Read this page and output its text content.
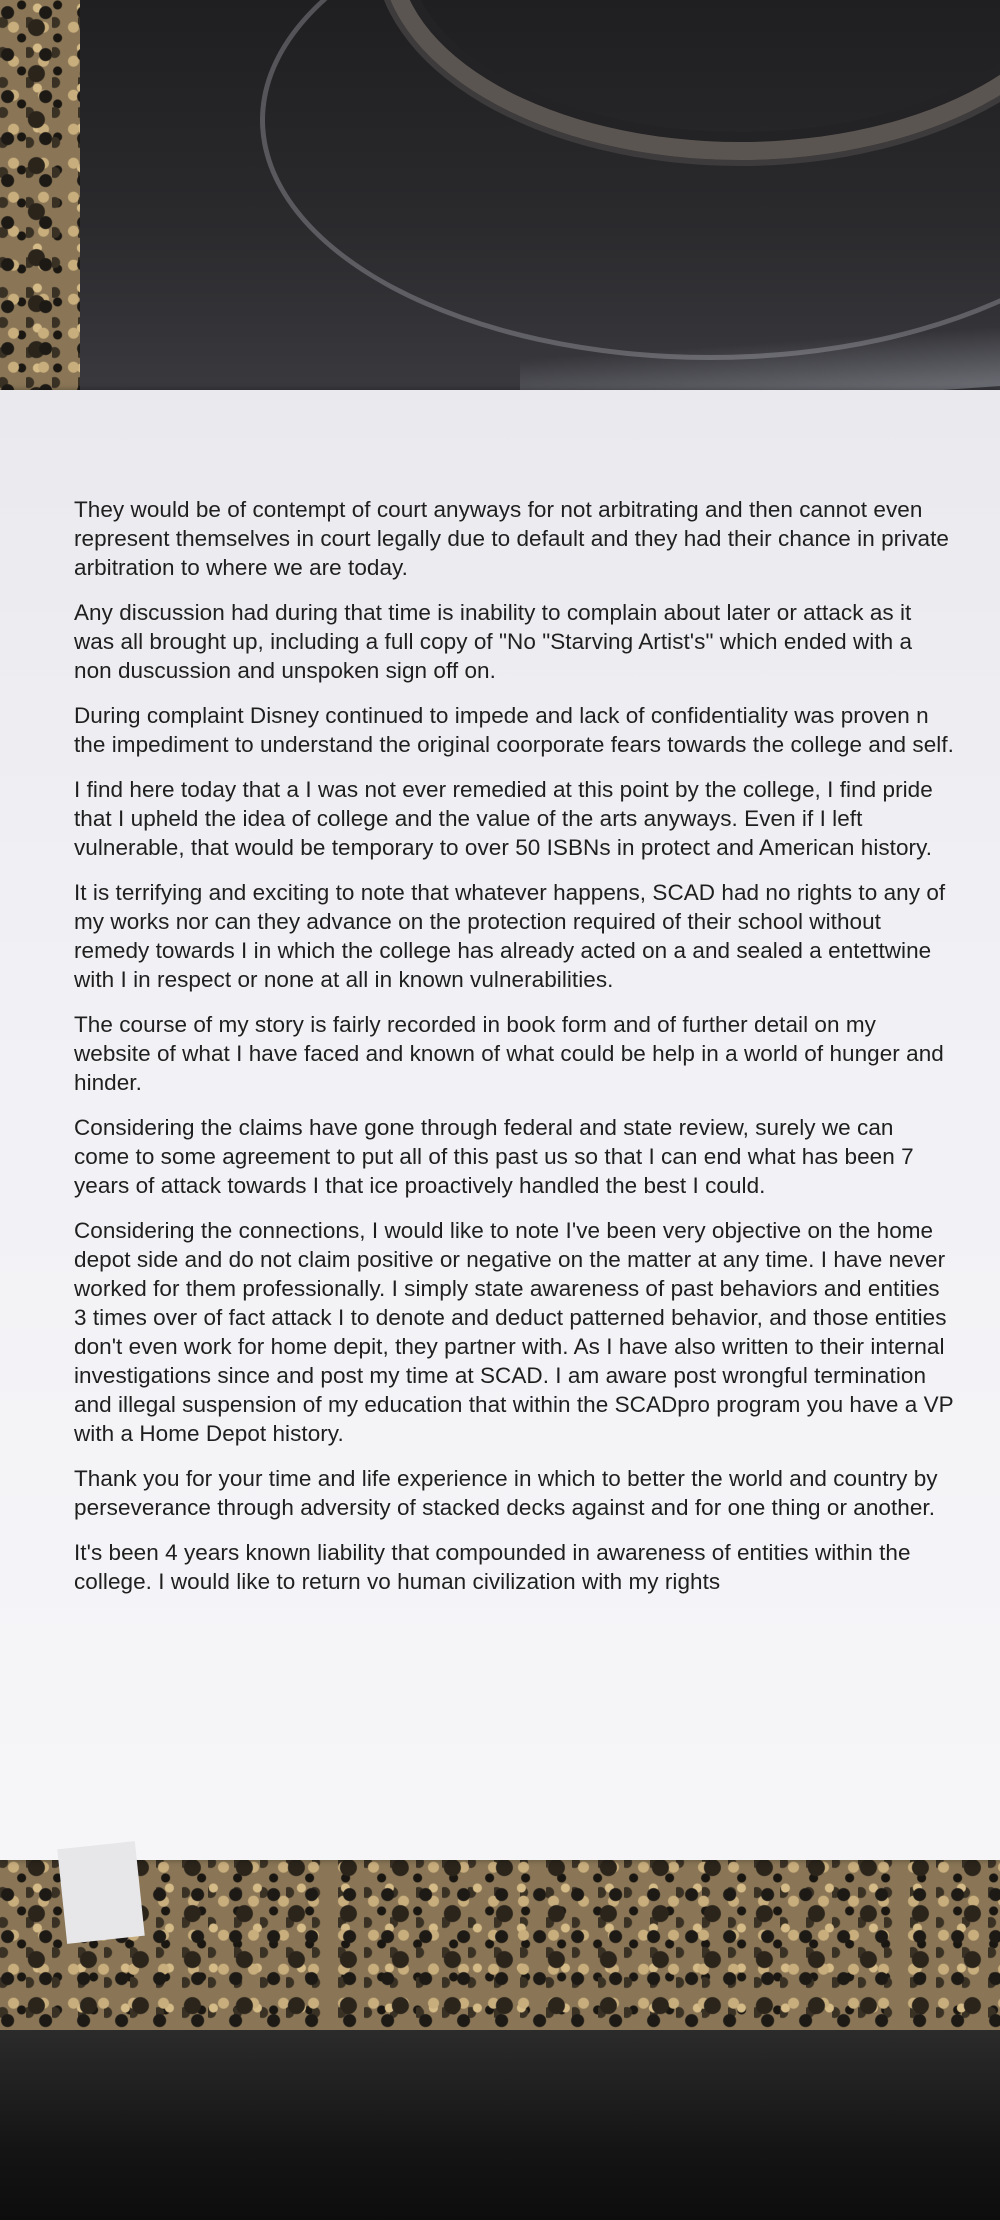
They would be of contempt of court anyways for not arbitrating and then cannot even represent themselves in court legally due to default and they had their chance in private arbitration to where we are today.

Any discussion had during that time is inability to complain about later or attack as it was all brought up, including a full copy of "No "Starving Artist's" which ended with a non duscussion and unspoken sign off on.

During complaint Disney continued to impede and lack of confidentiality was proven n the impediment to understand the original coorporate fears towards the college and self.

I find here today that a I was not ever remedied at this point by the college, I find pride that I upheld the idea of college and the value of the arts anyways. Even if I left vulnerable, that would be temporary to over 50 ISBNs in protect and American history.

It is terrifying and exciting to note that whatever happens, SCAD had no rights to any of my works nor can they advance on the protection required of their school without remedy towards I in which the college has already acted on a and sealed a entettwine with I in respect or none at all in known vulnerabilities.

The course of my story is fairly recorded in book form and of further detail on my website of what I have faced and known of what could be help in a world of hunger and hinder.

Considering the claims have gone through federal and state review, surely we can come to some agreement to put all of this past us so that I can end what has been 7 years of attack towards I that ice proactively handled the best I could.

Considering the connections, I would like to note I've been very objective on the home depot side and do not claim positive or negative on the matter at any time. I have never worked for them professionally. I simply state awareness of past behaviors and entities 3 times over of fact attack I to denote and deduct patterned behavior, and those entities don't even work for home depit, they partner with. As I have also written to their internal investigations since and post my time at SCAD. I am aware post wrongful termination and illegal suspension of my education that within the SCADpro program you have a VP with a Home Depot history.

Thank you for your time and life experience in which to better the world and country by perseverance through adversity of stacked decks against and for one thing or another.

It's been 4 years known liability that compounded in awareness of entities within the college. I would like to return vo human civilization with my rights
